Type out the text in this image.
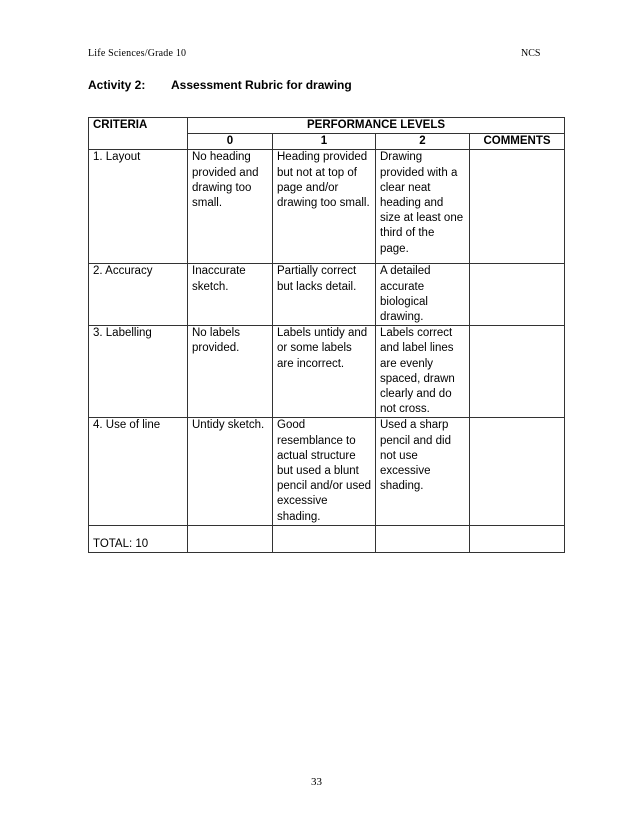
Life Sciences/Grade 10	NCS
Activity 2: Assessment Rubric for drawing
CRITERIA	PERFORMANCE LEVELS			
	0	1	2	COMMENTS
1. Layout	No heading provided and drawing too small.	Heading provided but not at top of page and/or drawing too small.	Drawing provided with a clear neat heading and size at least one third of the page.	
2. Accuracy	Inaccurate sketch.	Partially correct but lacks detail.	A detailed accurate biological drawing.	
3. Labelling	No labels provided.	Labels untidy and or some labels are incorrect.	Labels correct and label lines are evenly spaced, drawn clearly and do not cross.	
4. Use of line	Untidy sketch.	Good resemblance to actual structure but used a blunt pencil and/or used excessive shading.	Used a sharp pencil and did not use excessive shading.	
TOTAL: 10				
33
